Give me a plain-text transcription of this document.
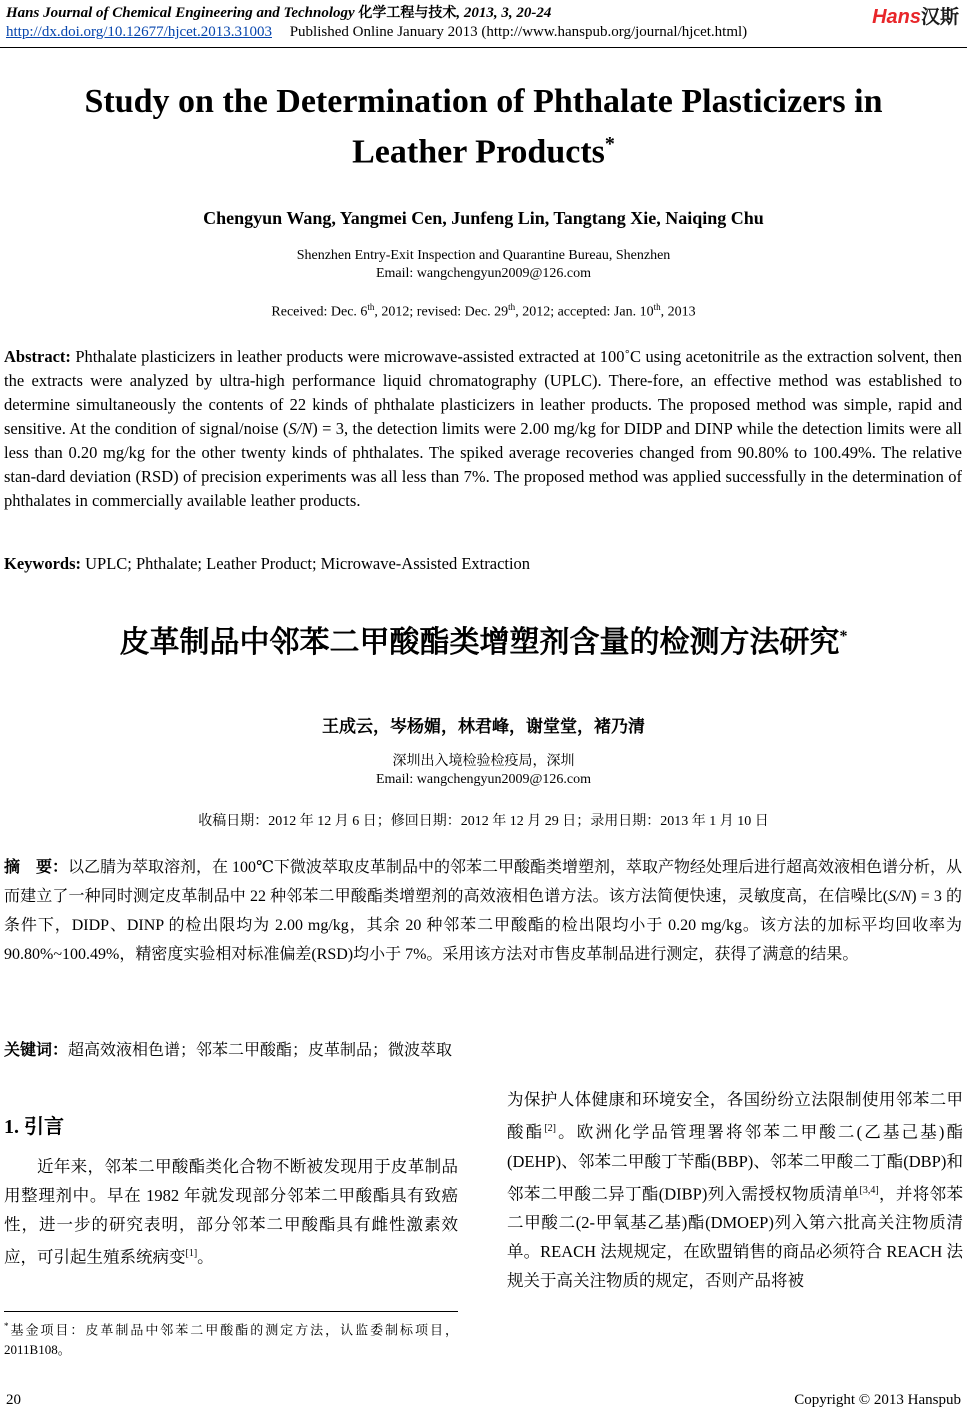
Hans Journal of Chemical Engineering and Technology 化学工程与技术, 2013, 3, 20-24
http://dx.doi.org/10.12677/hjcet.2013.31003 Published Online January 2013 (http://www.hanspub.org/journal/hjcet.html)
Hans汉斯
Study on the Determination of Phthalate Plasticizers in
Leather Products*
Chengyun Wang, Yangmei Cen, Junfeng Lin, Tangtang Xie, Naiqing Chu
Shenzhen Entry-Exit Inspection and Quarantine Bureau, Shenzhen
Email: wangchengyun2009@126.com
Received: Dec. 6th, 2012; revised: Dec. 29th, 2012; accepted: Jan. 10th, 2013
Abstract: Phthalate plasticizers in leather products were microwave-assisted extracted at 100˚C using acetonitrile as the extraction solvent, then the extracts were analyzed by ultra-high performance liquid chromatography (UPLC). There-fore, an effective method was established to determine simultaneously the contents of 22 kinds of phthalate plasticizers in leather products. The proposed method was simple, rapid and sensitive. At the condition of signal/noise (S/N) = 3, the detection limits were 2.00 mg/kg for DIDP and DINP while the detection limits were all less than 0.20 mg/kg for the other twenty kinds of phthalates. The spiked average recoveries changed from 90.80% to 100.49%. The relative stan-dard deviation (RSD) of precision experiments was all less than 7%. The proposed method was applied successfully in the determination of phthalates in commercially available leather products.
Keywords: UPLC; Phthalate; Leather Product; Microwave-Assisted Extraction
皮革制品中邻苯二甲酸酯类增塑剂含量的检测方法研究*
王成云，岑杨媚，林君峰，谢堂堂，褚乃清
深圳出入境检验检疫局，深圳
Email: wangchengyun2009@126.com
收稿日期：2012 年 12 月 6 日；修回日期：2012 年 12 月 29 日；录用日期：2013 年 1 月 10 日
摘　要：以乙腈为萃取溶剂，在 100℃下微波萃取皮革制品中的邻苯二甲酸酯类增塑剂，萃取产物经处理后进行超高效液相色谱分析，从而建立了一种同时测定皮革制品中 22 种邻苯二甲酸酯类增塑剂的高效液相色谱方法。该方法简便快速，灵敏度高，在信噪比(S/N) = 3 的条件下，DIDP、DINP 的检出限均为 2.00 mg/kg，其余 20 种邻苯二甲酸酯的检出限均小于 0.20 mg/kg。该方法的加标平均回收率为 90.80%~100.49%，精密度实验相对标准偏差(RSD)均小于 7%。采用该方法对市售皮革制品进行测定，获得了满意的结果。
关键词：超高效液相色谱；邻苯二甲酸酯；皮革制品；微波萃取
1. 引言
近年来，邻苯二甲酸酯类化合物不断被发现用于皮革制品用整理剂中。早在 1982 年就发现部分邻苯二甲酸酯具有致癌性，进一步的研究表明，部分邻苯二甲酸酯具有雌性激素效应，可引起生殖系统病变[1]。
为保护人体健康和环境安全，各国纷纷立法限制使用邻苯二甲酸酯[2]。欧洲化学品管理署将邻苯二甲酸二(乙基己基)酯(DEHP)、邻苯二甲酸丁苄酯(BBP)、邻苯二甲酸二丁酯(DBP)和邻苯二甲酸二异丁酯(DIBP)列入需授权物质清单[3,4]，并将邻苯二甲酸二(2-甲氧基乙基)酯(DMOEP)列入第六批高关注物质清单。REACH 法规规定，在欧盟销售的商品必须符合 REACH 法规关于高关注物质的规定，否则产品将被
*基金项目：皮革制品中邻苯二甲酸酯的测定方法，认监委制标项目，2011B108。
20	Copyright © 2013 Hanspub
